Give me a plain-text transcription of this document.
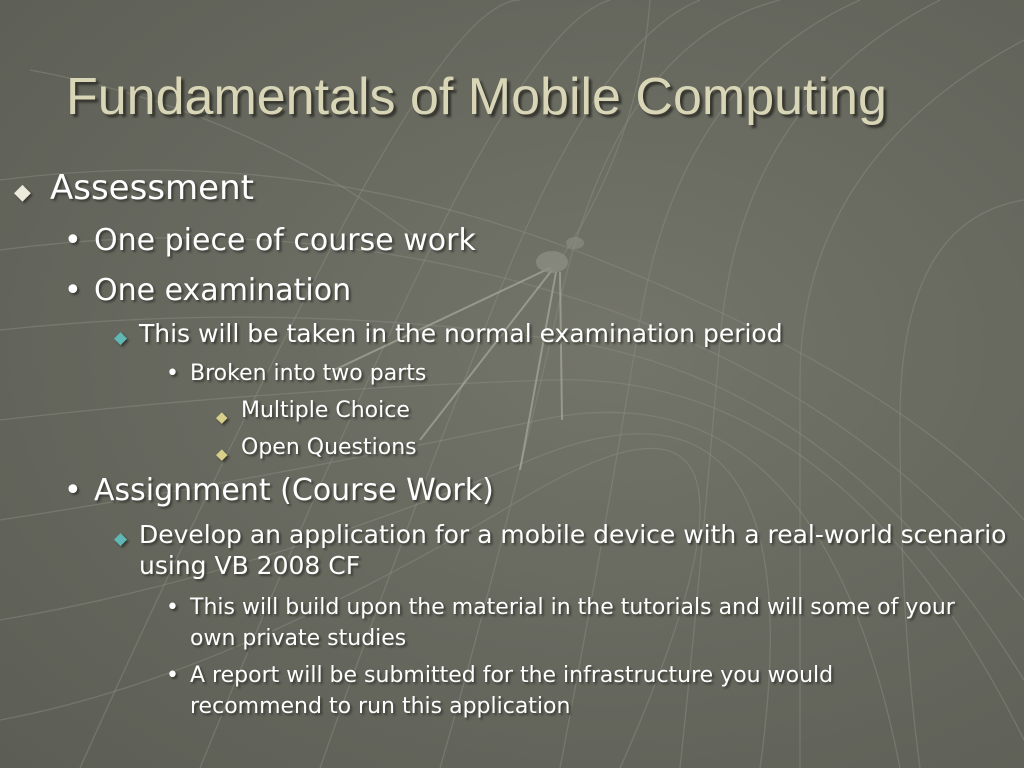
Fundamentals of Mobile Computing
◆ Assessment
• One piece of course work
• One examination
◆ This will be taken in the normal examination period
• Broken into two parts
◆ Multiple Choice
◆ Open Questions
• Assignment (Course Work)
◆ Develop an application for a mobile device with a real-world scenario using VB 2008 CF
• This will build upon the material in the tutorials and will some of your own private studies
• A report will be submitted for the infrastructure you would recommend to run this application
